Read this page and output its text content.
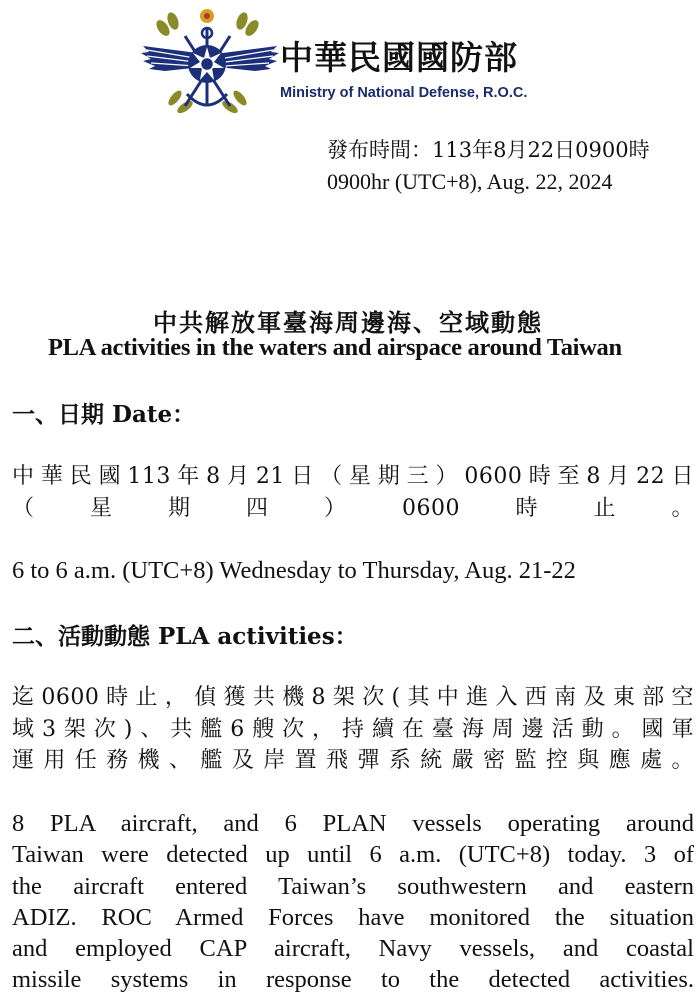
中華民國國防部
Ministry of National Defense, R.O.C.
發布時間：113年8月22日0900時
0900hr (UTC+8), Aug. 22, 2024
中共解放軍臺海周邊海、空域動態
PLA activities in the waters and airspace around Taiwan
一、日期 Date：
中華民國113年8月21日（星期三）0600時至8月22日
（星期四）0600時止。
6 to 6 a.m. (UTC+8) Wednesday to Thursday, Aug. 21-22
二、活動動態 PLA activities：
迄0600時止，偵獲共機8架次(其中進入西南及東部空
域3架次)、共艦6艘次，持續在臺海周邊活動。國軍
運用任務機、艦及岸置飛彈系統嚴密監控與應處。
8 PLA aircraft, and 6 PLAN vessels operating around
Taiwan were detected up until 6 a.m. (UTC+8) today. 3 of
the aircraft entered Taiwan’s southwestern and eastern
ADIZ. ROC Armed Forces have monitored the situation
and employed CAP aircraft, Navy vessels, and coastal
missile systems in response to the detected activities.
